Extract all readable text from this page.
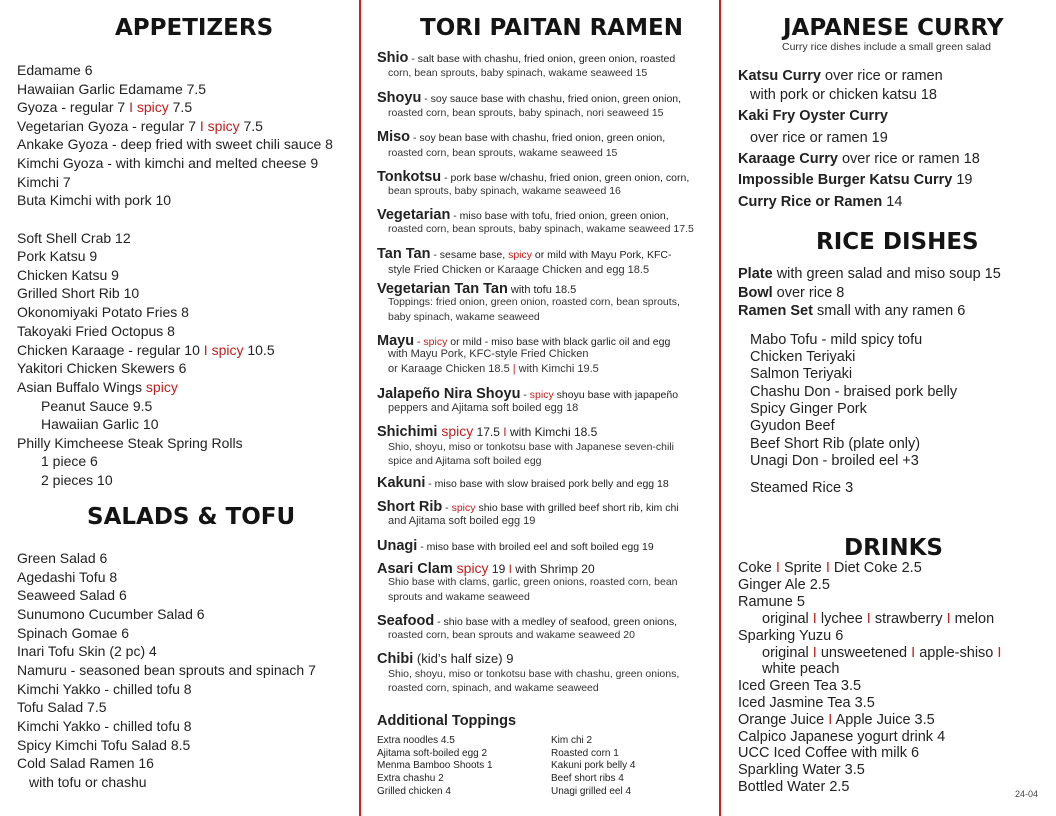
APPETIZERS
Edamame 6
Hawaiian Garlic Edamame 7.5
Gyoza - regular 7 I spicy 7.5
Vegetarian Gyoza - regular 7 I spicy 7.5
Ankake Gyoza - deep fried with sweet chili sauce 8
Kimchi Gyoza - with kimchi and melted cheese 9
Kimchi 7
Buta Kimchi with pork 10
Soft Shell Crab 12
Pork Katsu 9
Chicken Katsu 9
Grilled Short Rib 10
Okonomiyaki Potato Fries 8
Takoyaki Fried Octopus 8
Chicken Karaage - regular 10 I spicy 10.5
Yakitori Chicken Skewers 6
Asian Buffalo Wings spicy
Peanut Sauce 9.5
Hawaiian Garlic 10
Philly Kimcheese Steak Spring Rolls
1 piece 6
2 pieces 10
SALADS & TOFU
Green Salad 6
Agedashi Tofu 8
Seaweed Salad 6
Sunumono Cucumber Salad 6
Spinach Gomae 6
Inari Tofu Skin (2 pc) 4
Namuru - seasoned bean sprouts and spinach 7
Kimchi Yakko - chilled tofu 8
Tofu Salad 7.5
Kimchi Yakko - chilled tofu 8
Spicy Kimchi Tofu Salad 8.5
Cold Salad Ramen 16
with tofu or chashu
TORI PAITAN RAMEN
Shio - salt base with chashu, fried onion, green onion, roasted
corn, bean sprouts, baby spinach, wakame seaweed 15
Shoyu - soy sauce base with chashu, fried onion, green onion,
roasted corn, bean sprouts, baby spinach, nori seaweed 15
Miso - soy bean base with chashu, fried onion, green onion,
roasted corn, bean sprouts, wakame seaweed 15
Tonkotsu - pork base w/chashu, fried onion, green onion, corn,
bean sprouts, baby spinach, wakame seaweed 16
Vegetarian - miso base with tofu, fried onion, green onion,
roasted corn, bean sprouts, baby spinach, wakame seaweed 17.5
Tan Tan - sesame base, spicy or mild with Mayu Pork, KFC-
style Fried Chicken or Karaage Chicken and egg 18.5
Vegetarian Tan Tan with tofu 18.5
Toppings: fried onion, green onion, roasted corn, bean sprouts,
baby spinach, wakame seaweed
Mayu - spicy or mild - miso base with black garlic oil and egg
with Mayu Pork, KFC-style Fried Chicken
or Karaage Chicken 18.5 | with Kimchi 19.5
Jalapeño Nira Shoyu - spicy shoyu base with japapeño
peppers and Ajitama soft boiled egg 18
Shichimi spicy 17.5 I with Kimchi 18.5
Shio, shoyu, miso or tonkotsu base with Japanese seven-chili
spice and Ajitama soft boiled egg
Kakuni - miso base with slow braised pork belly and egg 18
Short Rib - spicy shio base with grilled beef short rib, kim chi
and Ajitama soft boiled egg 19
Unagi - miso base with broiled eel and soft boiled egg 19
Asari Clam spicy 19 I with Shrimp 20
Shio base with clams, garlic, green onions, roasted corn, bean
sprouts and wakame seaweed
Seafood - shio base with a medley of seafood, green onions,
roasted corn, bean sprouts and wakame seaweed 20
Chibi (kid’s half size) 9
Shio, shoyu, miso or tonkotsu base with chashu, green onions,
roasted corn, spinach, and wakame seaweed
Additional Toppings
Extra noodles 4.5
Ajitama soft-boiled egg 2
Menma Bamboo Shoots 1
Extra chashu 2
Grilled chicken 4
Kim chi 2
Roasted corn 1
Kakuni pork belly 4
Beef short ribs 4
Unagi grilled eel 4
JAPANESE CURRY
Curry rice dishes include a small green salad
Katsu Curry over rice or ramen
with pork or chicken katsu 18
Kaki Fry Oyster Curry
over rice or ramen 19
Karaage Curry over rice or ramen 18
Impossible Burger Katsu Curry 19
Curry Rice or Ramen 14
RICE DISHES
Plate with green salad and miso soup 15
Bowl over rice 8
Ramen Set small with any ramen 6
Mabo Tofu - mild spicy tofu
Chicken Teriyaki
Salmon Teriyaki
Chashu Don - braised pork belly
Spicy Ginger Pork
Gyudon Beef
Beef Short Rib (plate only)
Unagi Don - broiled eel +3
Steamed Rice 3
DRINKS
Coke I Sprite I Diet Coke 2.5
Ginger Ale 2.5
Ramune 5
original I lychee I strawberry I melon
Sparking Yuzu 6
original I unsweetened I apple-shiso I
white peach
Iced Green Tea 3.5
Iced Jasmine Tea 3.5
Orange Juice I Apple Juice 3.5
Calpico Japanese yogurt drink 4
UCC Iced Coffee with milk 6
Sparkling Water 3.5
Bottled Water 2.5	24-04
